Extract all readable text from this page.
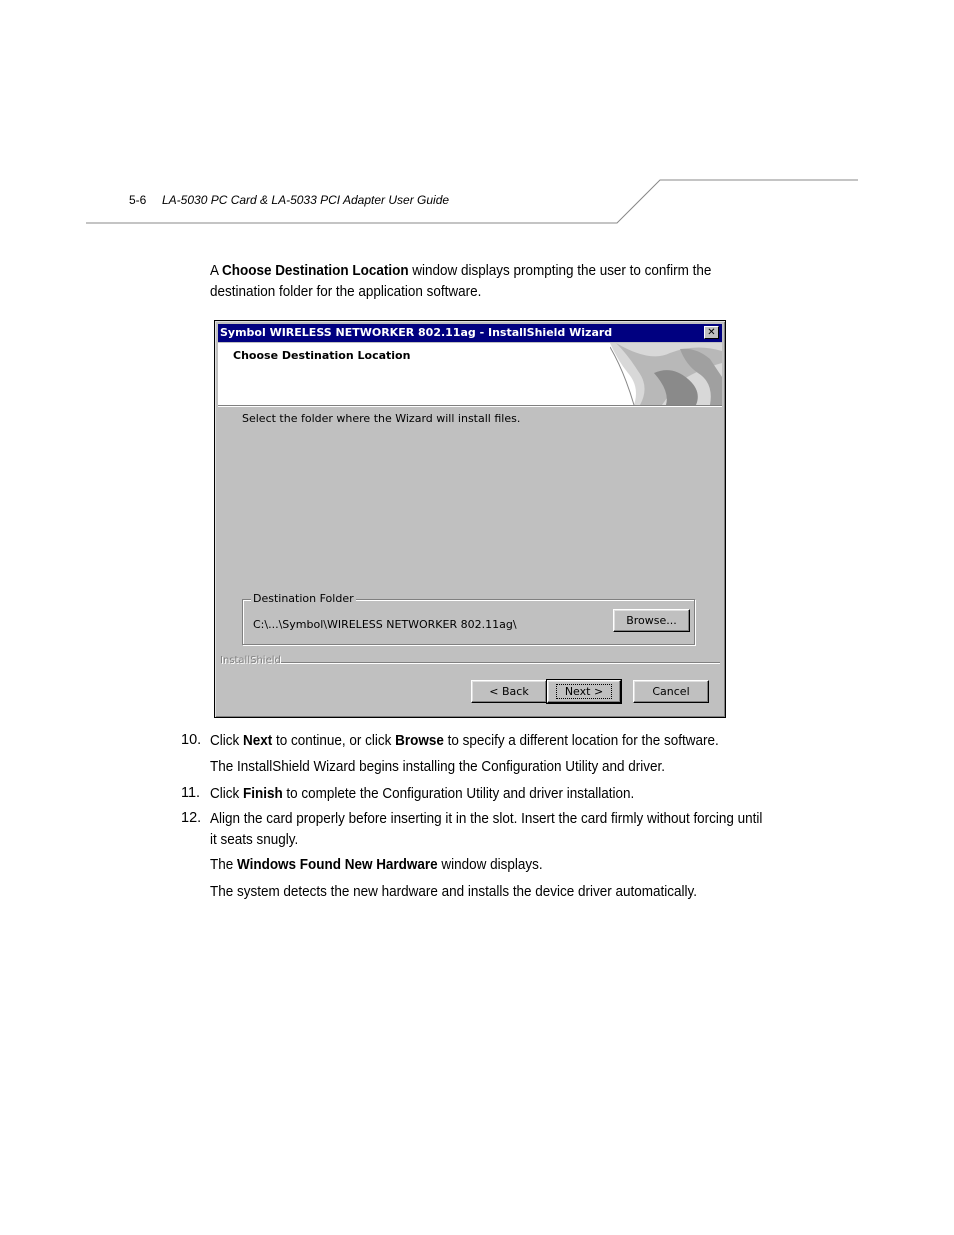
5-6 LA-5030 PC Card & LA-5033 PCI Adapter User Guide
A Choose Destination Location window displays prompting the user to confirm the destination folder for the application software.
Symbol WIRELESS NETWORKER 802.11ag - InstallShield Wizard	✕
Choose Destination Location
Select the folder where the Wizard will install files.
Destination Folder
C:\...\Symbol\WIRELESS NETWORKER 802.11ag\	Browse...
InstallShield
< Back	Next >	Cancel
10. Click Next to continue, or click Browse to specify a different location for the software.
The InstallShield Wizard begins installing the Configuration Utility and driver.
11. Click Finish to complete the Configuration Utility and driver installation.
12. Align the card properly before inserting it in the slot. Insert the card firmly without forcing until it seats snugly.
The Windows Found New Hardware window displays.
The system detects the new hardware and installs the device driver automatically.
